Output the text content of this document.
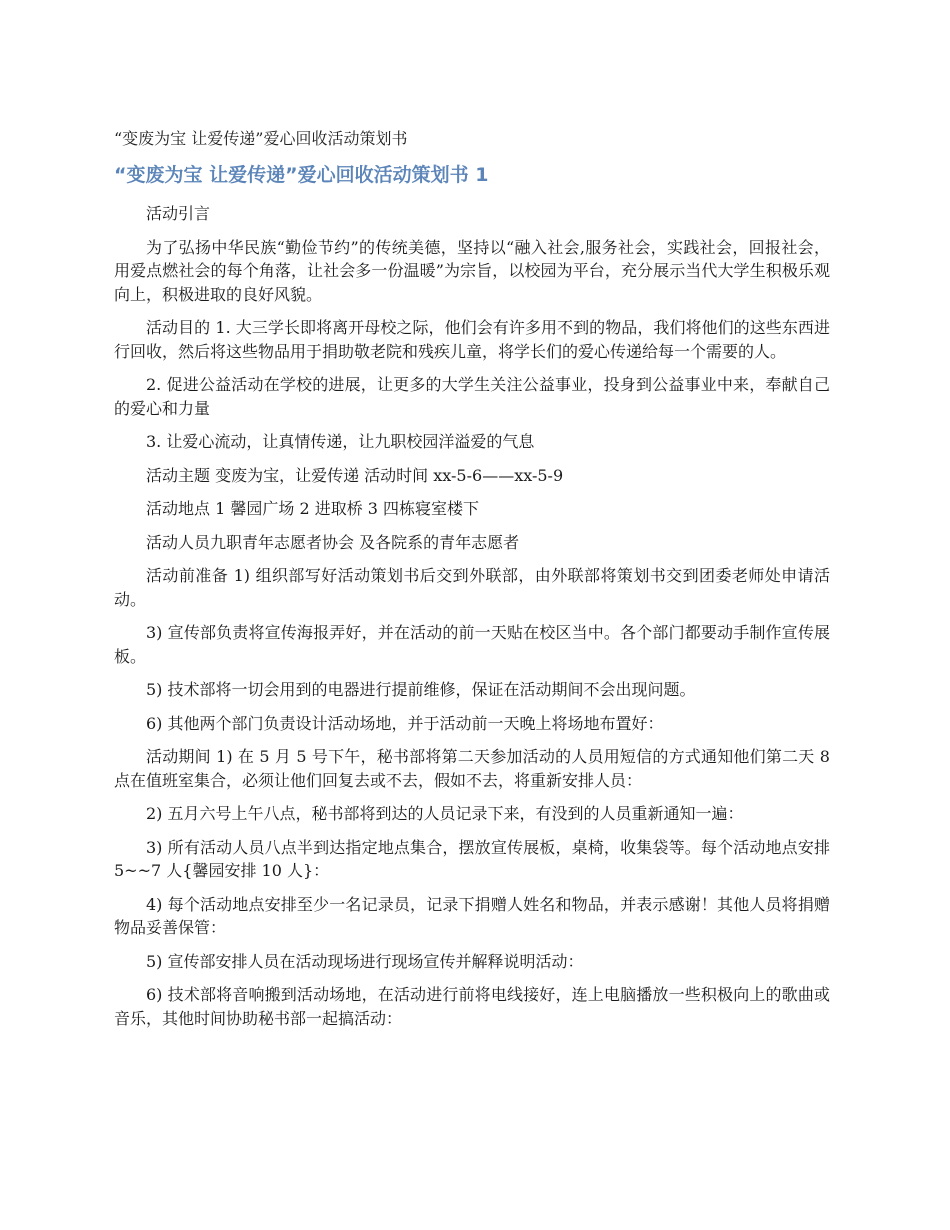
“变废为宝 让爱传递”爱心回收活动策划书
“变废为宝 让爱传递”爱心回收活动策划书 1

活动引言

为了弘扬中华民族“勤俭节约”的传统美德，坚持以“融入社会,服务社会，实践社会，回报社会，用爱点燃社会的每个角落，让社会多一份温暖”为宗旨，以校园为平台，充分展示当代大学生积极乐观向上，积极进取的良好风貌。

活动目的 1. 大三学长即将离开母校之际，他们会有许多用不到的物品，我们将他们的这些东西进行回收，然后将这些物品用于捐助敬老院和残疾儿童，将学长们的爱心传递给每一个需要的人。

2. 促进公益活动在学校的进展，让更多的大学生关注公益事业，投身到公益事业中来，奉献自己的爱心和力量

3. 让爱心流动，让真情传递，让九职校园洋溢爱的气息

活动主题 变废为宝，让爱传递 活动时间 xx-5-6——xx-5-9

活动地点 1 馨园广场 2 进取桥 3 四栋寝室楼下

活动人员九职青年志愿者协会 及各院系的青年志愿者

活动前准备 1) 组织部写好活动策划书后交到外联部，由外联部将策划书交到团委老师处申请活动。

3) 宣传部负责将宣传海报弄好，并在活动的前一天贴在校区当中。各个部门都要动手制作宣传展板。

5) 技术部将一切会用到的电器进行提前维修，保证在活动期间不会出现问题。

6) 其他两个部门负责设计活动场地，并于活动前一天晚上将场地布置好：

活动期间 1) 在 5 月 5 号下午，秘书部将第二天参加活动的人员用短信的方式通知他们第二天 8 点在值班室集合，必须让他们回复去或不去，假如不去，将重新安排人员：

2) 五月六号上午八点，秘书部将到达的人员记录下来，有没到的人员重新通知一遍：

3) 所有活动人员八点半到达指定地点集合，摆放宣传展板，桌椅，收集袋等。每个活动地点安排 5~~7 人{馨园安排 10 人}：

4) 每个活动地点安排至少一名记录员，记录下捐赠人姓名和物品，并表示感谢！其他人员将捐赠物品妥善保管：

5) 宣传部安排人员在活动现场进行现场宣传并解释说明活动：

6) 技术部将音响搬到活动场地，在活动进行前将电线接好，连上电脑播放一些积极向上的歌曲或音乐，其他时间协助秘书部一起搞活动：
